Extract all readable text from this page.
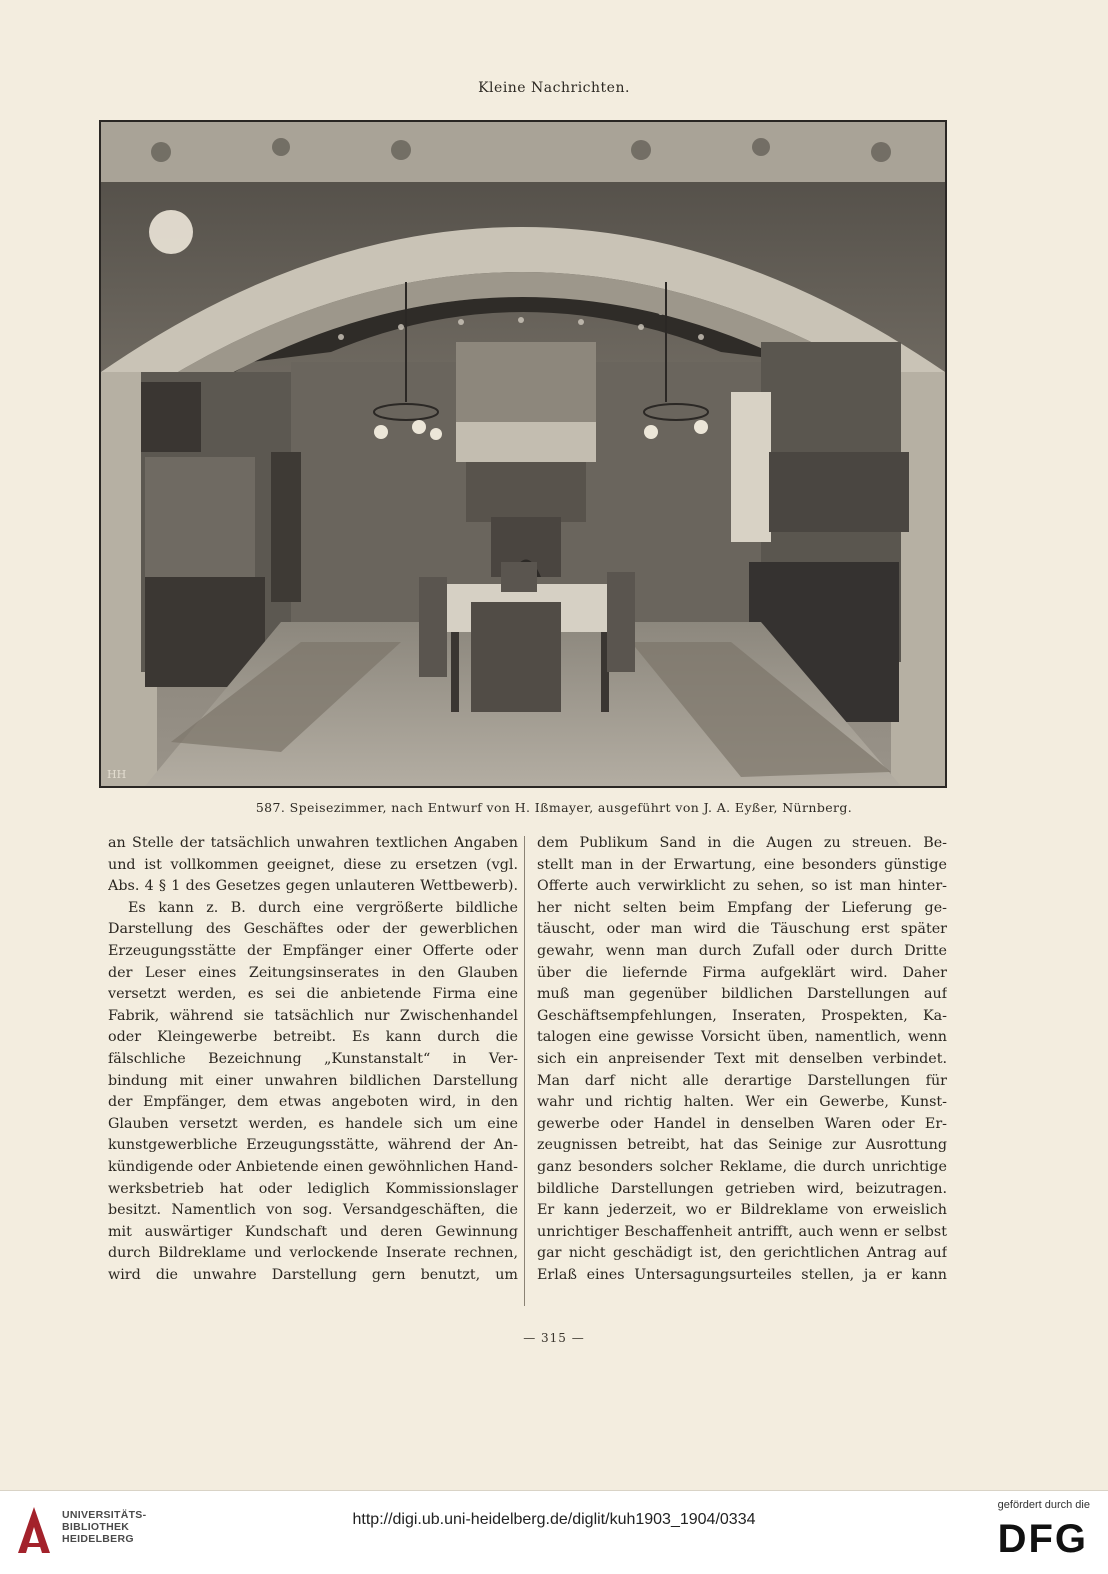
Kleine Nachrichten.
HH
587. Speisezimmer, nach Entwurf von H. Ißmayer, ausgeführt von J. A. Eyßer, Nürnberg.
an Stelle der tatsächlich unwahren textlichen Angaben
und ist vollkommen geeignet, diese zu ersetzen (vgl.
Abs. 4 § 1 des Gesetzes gegen unlauteren Wettbewerb).
Es kann z. B. durch eine vergrößerte bildliche
Darstellung des Geschäftes oder der gewerblichen
Erzeugungsstätte der Empfänger einer Offerte oder
der Leser eines Zeitungsinserates in den Glauben
versetzt werden, es sei die anbietende Firma eine
Fabrik, während sie tatsächlich nur Zwischenhandel
oder Kleingewerbe betreibt. Es kann durch die
fälschliche Bezeichnung „Kunstanstalt“ in Ver-
bindung mit einer unwahren bildlichen Darstellung
der Empfänger, dem etwas angeboten wird, in den
Glauben versetzt werden, es handele sich um eine
kunstgewerbliche Erzeugungsstätte, während der An-
kündigende oder Anbietende einen gewöhnlichen Hand-
werksbetrieb hat oder lediglich Kommissionslager
besitzt. Namentlich von sog. Versandgeschäften, die
mit auswärtiger Kundschaft und deren Gewinnung
durch Bildreklame und verlockende Inserate rechnen,
wird die unwahre Darstellung gern benutzt, um
dem Publikum Sand in die Augen zu streuen. Be-
stellt man in der Erwartung, eine besonders günstige
Offerte auch verwirklicht zu sehen, so ist man hinter-
her nicht selten beim Empfang der Lieferung ge-
täuscht, oder man wird die Täuschung erst später
gewahr, wenn man durch Zufall oder durch Dritte
über die liefernde Firma aufgeklärt wird. Daher
muß man gegenüber bildlichen Darstellungen auf
Geschäftsempfehlungen, Inseraten, Prospekten, Ka-
talogen eine gewisse Vorsicht üben, namentlich, wenn
sich ein anpreisender Text mit denselben verbindet.
Man darf nicht alle derartige Darstellungen für
wahr und richtig halten. Wer ein Gewerbe, Kunst-
gewerbe oder Handel in denselben Waren oder Er-
zeugnissen betreibt, hat das Seinige zur Ausrottung
ganz besonders solcher Reklame, die durch unrichtige
bildliche Darstellungen getrieben wird, beizutragen.
Er kann jederzeit, wo er Bildreklame von erweislich
unrichtiger Beschaffenheit antrifft, auch wenn er selbst
gar nicht geschädigt ist, den gerichtlichen Antrag auf
Erlaß eines Untersagungsurteiles stellen, ja er kann
— 315 —
UNIVERSITÄTS-
BIBLIOTHEK
HEIDELBERG
http://digi.ub.uni-heidelberg.de/diglit/kuh1903_1904/0334
gefördert durch die
DFG
